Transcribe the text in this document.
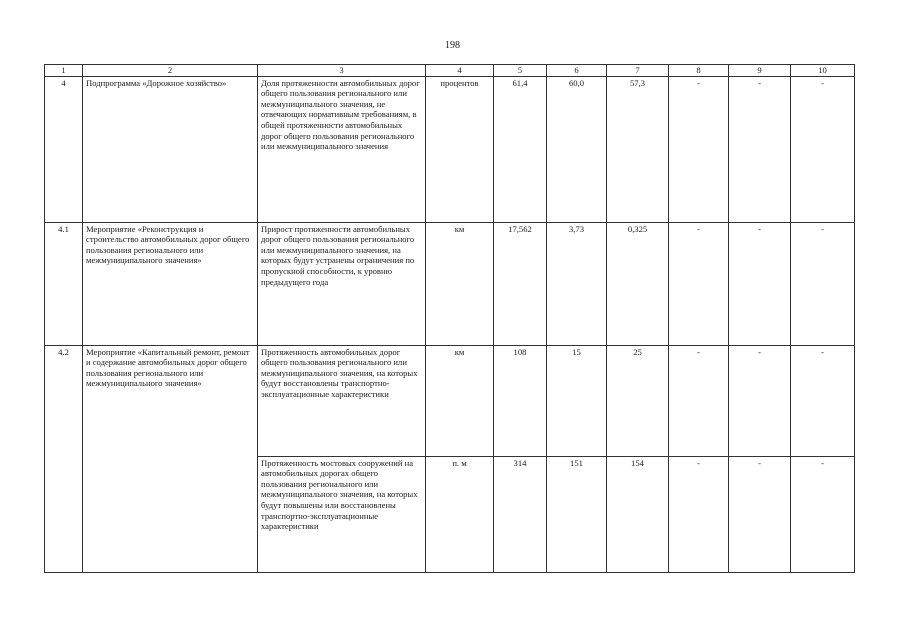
198
1	2	3	4	5	6	7	8	9	10
4	Подпрограмма «Дорожное хозяйство»	Доля протяженности автомобильных дорог общего пользования регионального или межмуниципального значения, не отвечающих нормативным требованиям, в общей протяженности автомобильных дорог общего пользования регионального или межмуниципального значения	процентов	61,4	60,0	57,3	-	-	-
4.1	Мероприятие «Реконструкция и строительство автомобильных дорог общего пользования регионального или межмуниципального значения»	Прирост протяженности автомобильных дорог общего пользования регионального или межмуниципального значения, на которых будут устранены ограничения по пропускной способности, к уровню предыдущего года	км	17,562	3,73	0,325	-	-	-
4.2	Мероприятие «Капитальный ремонт, ремонт и содержание автомобильных дорог общего пользования регионального или межмуниципального значения»	Протяженность автомобильных дорог общего пользования регионального или межмуниципального значения, на которых будут восстановлены транспортно-эксплуатационные характеристики	км	108	15	25	-	-	-
		Протяженность мостовых сооружений на автомобильных дорогах общего пользования регионального или межмуниципального значения, на которых будут повышены или восстановлены транспортно-эксплуатационные характеристики	п. м	314	151	154	-	-	-
